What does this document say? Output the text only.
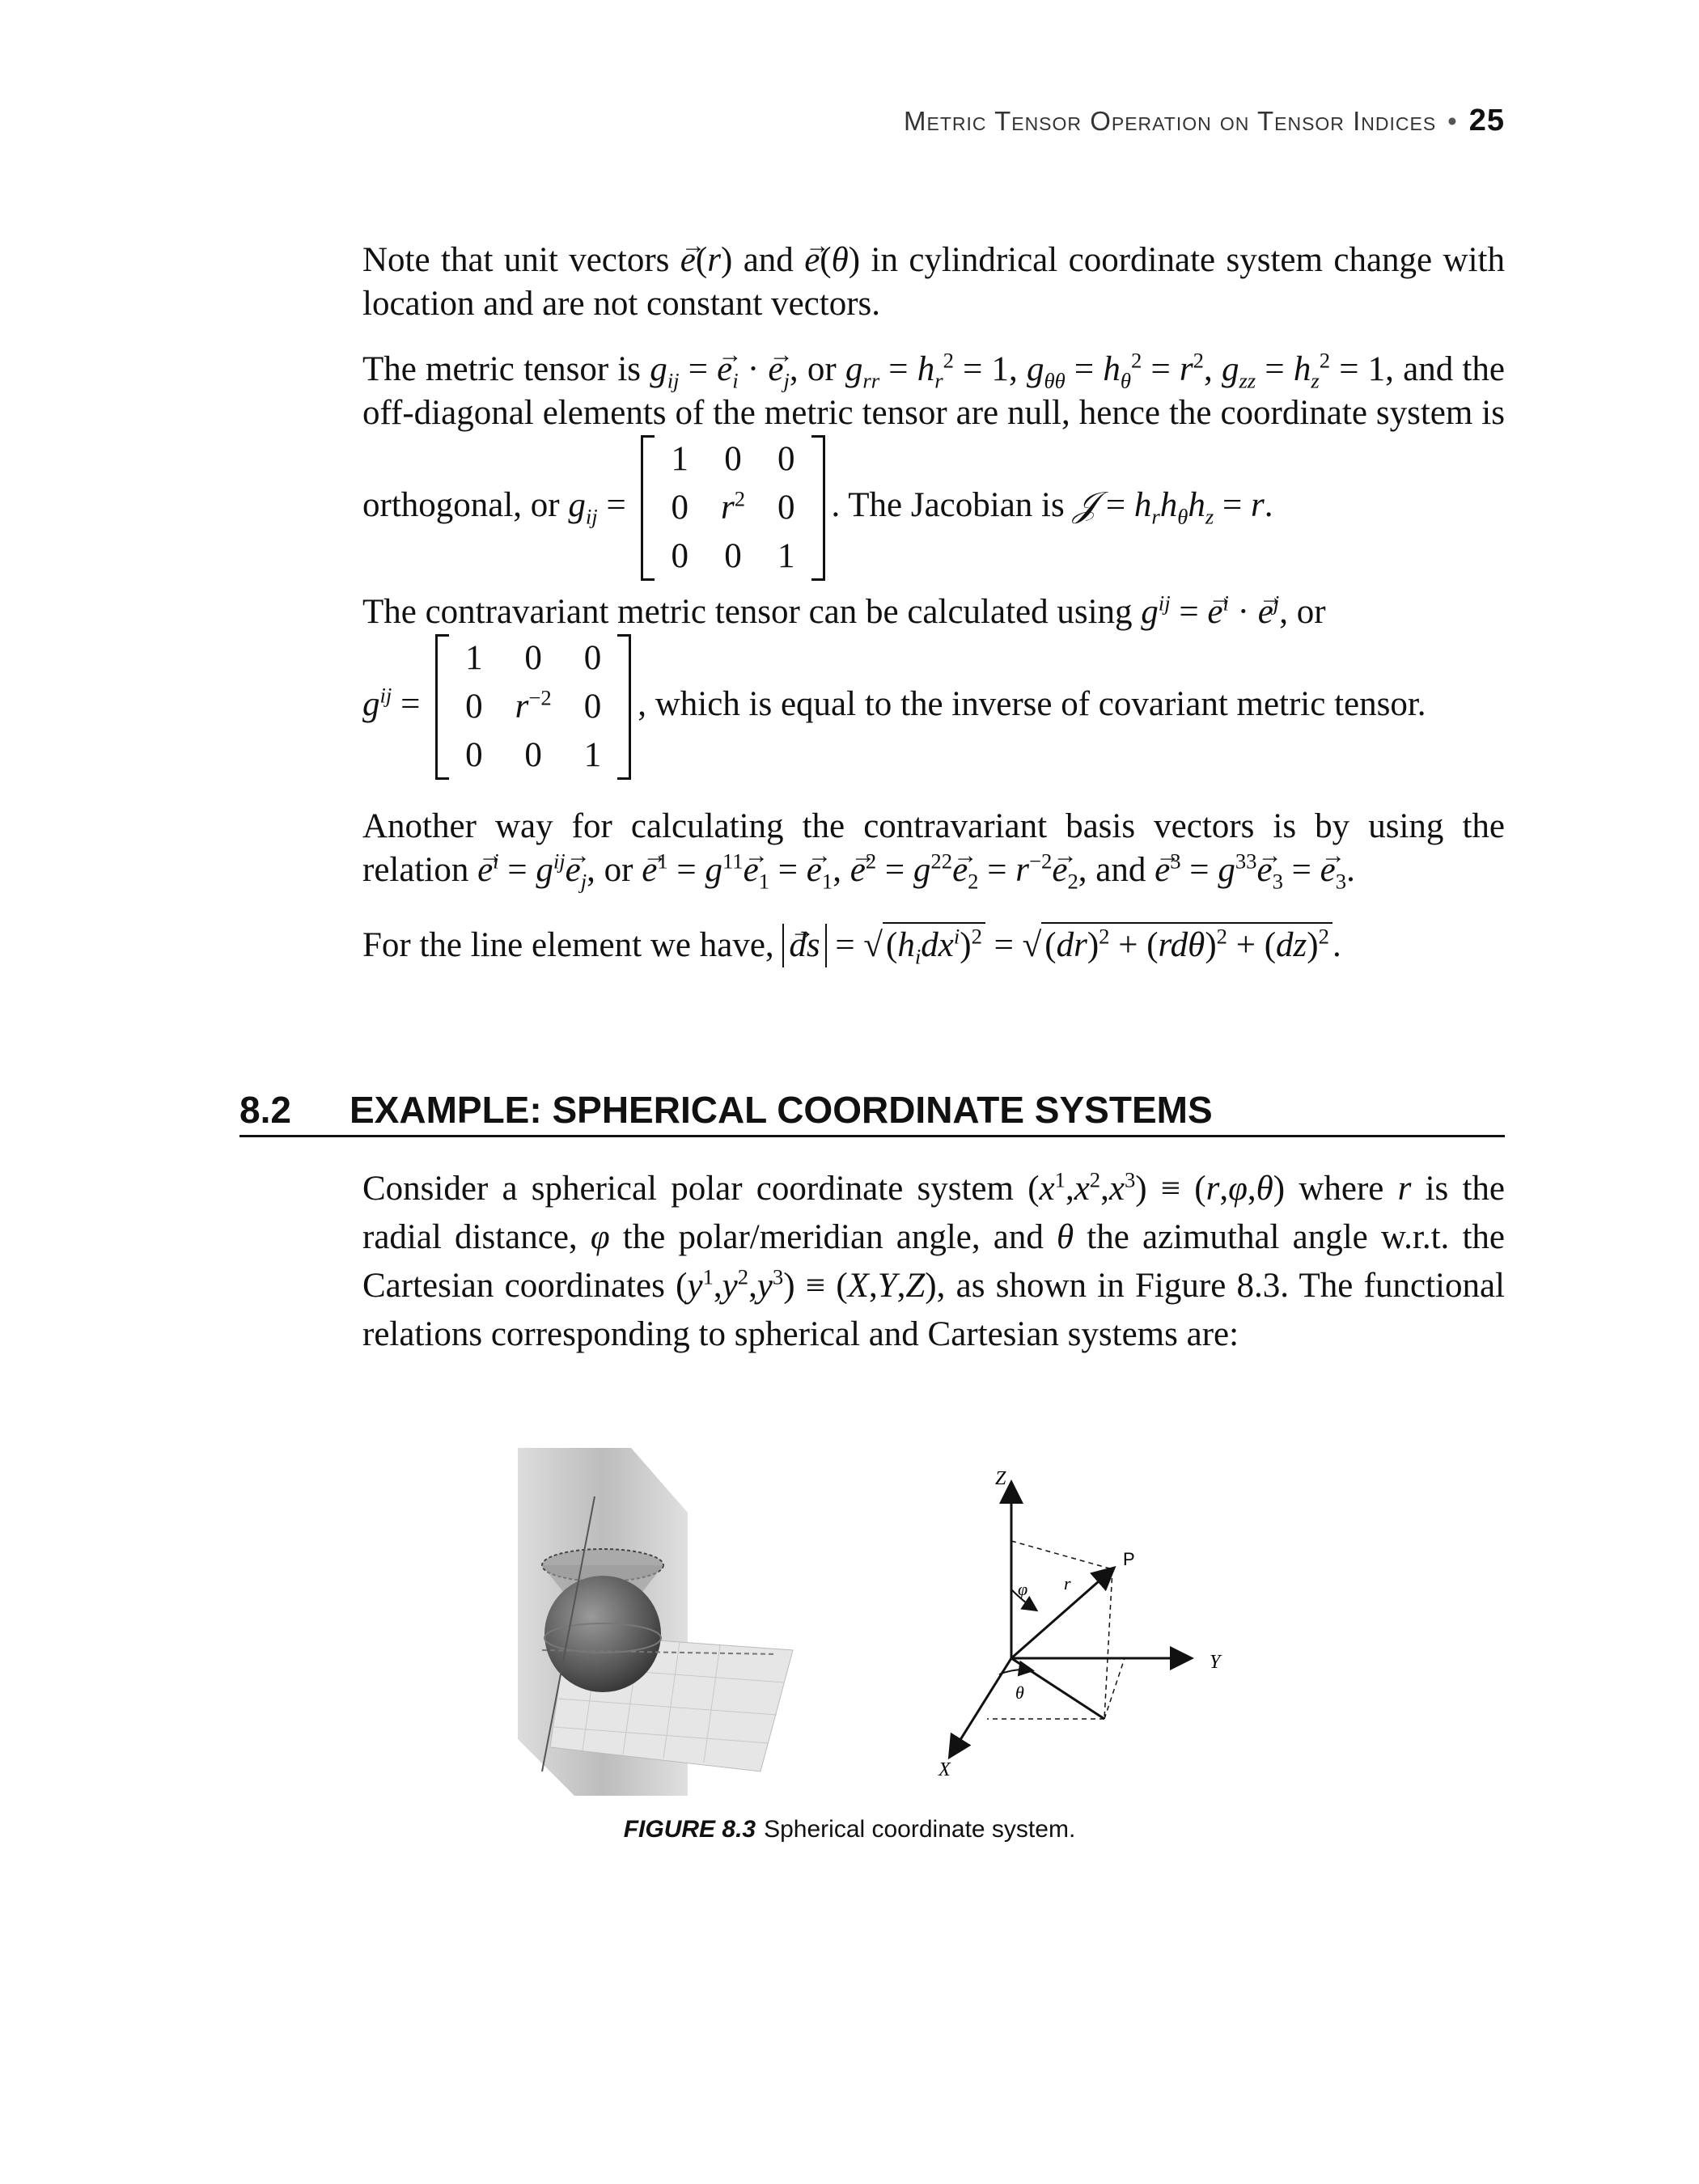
Metric Tensor Operation on Tensor Indices • 25
Note that unit vectors → e(r) and → e(θ) in cylindrical coordinate system change with location and are not constant vectors.
The metric tensor is $g_{ij}$ = → $e_i$ · → $e_j$, or $g_{rr} = h_r^2 = 1$, $g_{\theta\theta} = h_\theta^2 = r^2$, $g_{zz} = h_z^2 = 1$, and the off-diagonal elements of the metric tensor are null, hence the coordinate system is orthogonal, or $g_{ij}$ =
1	0	0
0	$r^2$	0
0	0	1
. The Jacobian is 𝒥 = $h_rh_\theta h_z = r$.
The contravariant metric tensor can be calculated using $g^{ij}$ = → $e^i$ · → $e^j$, or
$g^{ij}$ =
1	0	0
0	$r^{-2}$	0
0	0	1
, which is equal to the inverse of covariant metric tensor.
Another way for calculating the contravariant basis vectors is by using the relation → $e^i = g^{ij}\to e_j$, or → $e^1 = g^{11}\to e_1$ = → $e_1$, → $e^2 = g^{22}\to e_2 = r^{-2}\to e_2$, and → $e^3 = g^{33}\to e_3$ = → $e_3$.
For the line element we have, → ds = $√(h_idx^i)^2 = √(dr)^2 + (rd\theta)^2 + (dz)^2$.
8.2 EXAMPLE: SPHERICAL COORDINATE SYSTEMS
Consider a spherical polar coordinate system $(x^1,x^2,x^3) \equiv (r,\varphi,\theta)$ where r is the radial distance, φ the polar/meridian angle, and θ the azimuthal angle w.r.t. the Cartesian coordinates $(y^1,y^2,y^3) \equiv (X,Y,Z)$, as shown in Figure 8.3. The functional relations corresponding to spherical and Cartesian systems are:
Z
Y
X
P
r
φ
θ
FIGURE 8.3 Spherical coordinate system.
